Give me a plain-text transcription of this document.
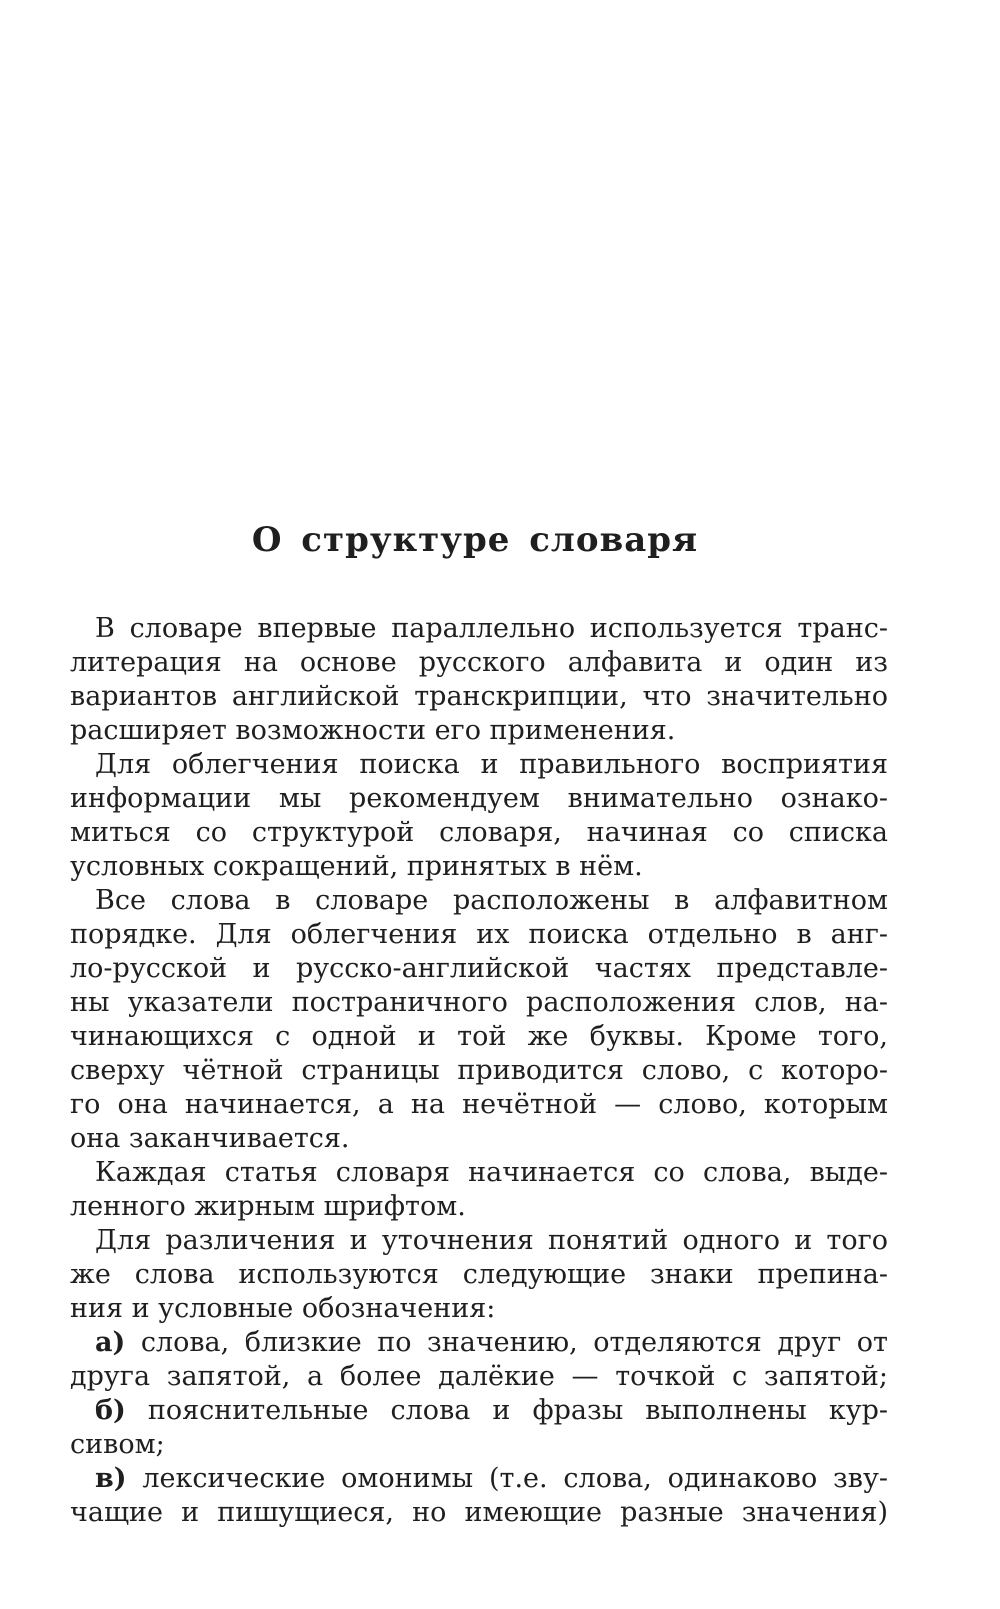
О структуре словаря
В словаре впервые параллельно используется транс-
литерация на основе русского алфавита и один из
вариантов английской транскрипции, что значительно
расширяет возможности его применения.
Для облегчения поиска и правильного восприятия
информации мы рекомендуем внимательно ознако-
миться со структурой словаря, начиная со списка
условных сокращений, принятых в нём.
Все слова в словаре расположены в алфавитном
порядке. Для облегчения их поиска отдельно в анг-
ло-русской и русско-английской частях представле-
ны указатели постраничного расположения слов, на-
чинающихся с одной и той же буквы. Кроме того,
сверху чётной страницы приводится слово, с которо-
го она начинается, а на нечётной — слово, которым
она заканчивается.
Каждая статья словаря начинается со слова, выде-
ленного жирным шрифтом.
Для различения и уточнения понятий одного и того
же слова используются следующие знаки препина-
ния и условные обозначения:
а) слова, близкие по значению, отделяются друг от
друга запятой, а более далёкие — точкой с запятой;
б) пояснительные слова и фразы выполнены кур-
сивом;
в) лексические омонимы (т.е. слова, одинаково зву-
чащие и пишущиеся, но имеющие разные значения)
